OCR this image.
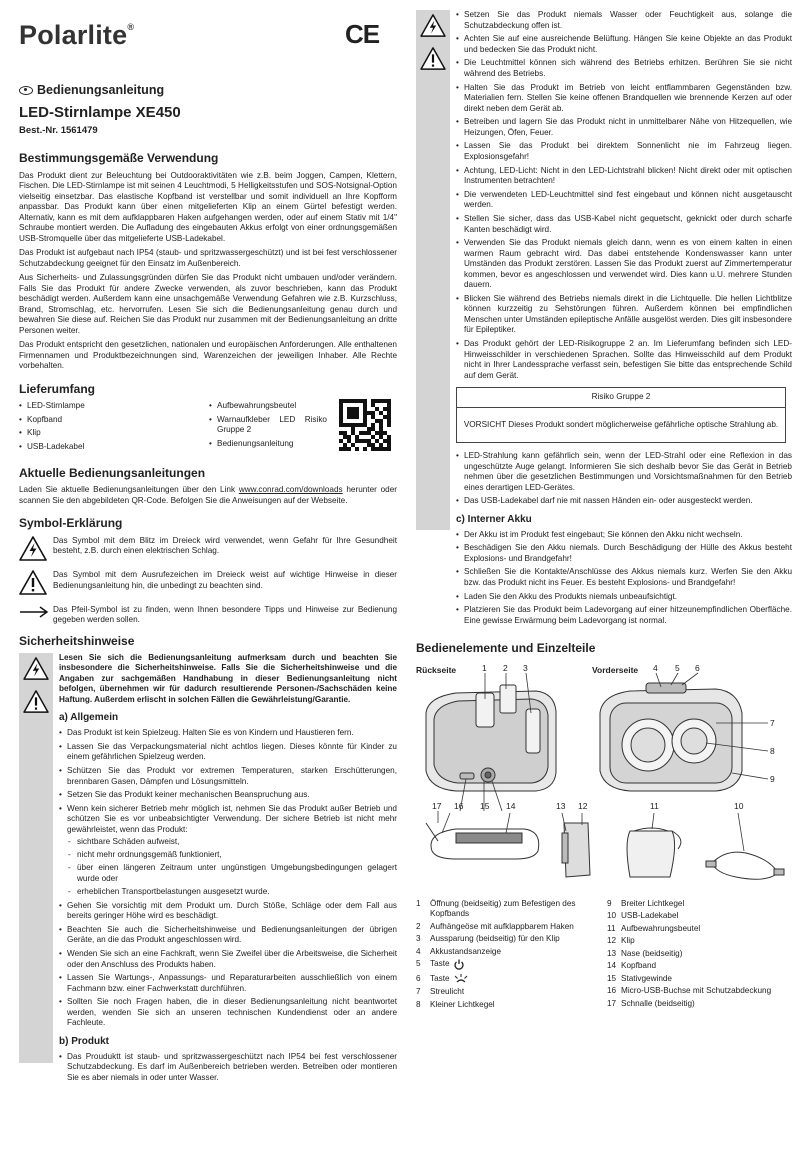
Polarlite®
Bedienungsanleitung
LED-Stirnlampe XE450
Best.-Nr. 1561479
Bestimmungsgemäße Verwendung

Das Produkt dient zur Beleuchtung bei Outdooraktivitäten wie z.B. beim Joggen, Campen, Klettern, Fischen. Die LED-Stirnlampe ist mit seinen 4 Leuchtmodi, 5 Helligkeitsstufen und SOS-Notsignal-Option vielseitig einsetzbar. Das elastische Kopfband ist verstellbar und somit individuell an Ihre Kopfform anpassbar. Das Produkt kann über einen mitgelieferten Klip an einem Gürtel befestigt werden. Alternativ, kann es mit dem aufklappbaren Haken aufgehangen werden, oder auf einem Stativ mit 1/4" Schraube montiert werden. Die Aufladung des eingebauten Akkus erfolgt von einer ordnungsgemäßen USB-Stromquelle über das mitgelieferte USB-Ladekabel.

Das Produkt ist aufgebaut nach IP54 (staub- und spritzwassergeschützt) und ist bei fest verschlossener Schutzabdeckung geeignet für den Einsatz im Außenbereich.

Aus Sicherheits- und Zulassungsgründen dürfen Sie das Produkt nicht umbauen und/oder verändern. Falls Sie das Produkt für andere Zwecke verwenden, als zuvor beschrieben, kann das Produkt beschädigt werden. Außerdem kann eine unsachgemäße Verwendung Gefahren wie z.B. Kurzschluss, Brand, Stromschlag, etc. hervorrufen. Lesen Sie sich die Bedienungsanleitung genau durch und bewahren Sie diese auf. Reichen Sie das Produkt nur zusammen mit der Bedienungsanleitung an dritte Personen weiter.

Das Produkt entspricht den gesetzlichen, nationalen und europäischen Anforderungen. Alle enthaltenen Firmennamen und Produktbezeichnungen sind, Warenzeichen der jeweiligen Inhaber. Alle Rechte vorbehalten.

Lieferumfang
• LED-Stirnlampe
• Kopfband
• Klip
• USB-Ladekabel
• Aufbewahrungsbeutel
• Warnaufkleber LED Risiko Gruppe 2
• Bedienungsanleitung
Aktuelle Bedienungsanleitungen

Laden Sie aktuelle Bedienungsanleitungen über den Link www.conrad.com/downloads herunter oder scannen Sie den abgebildeten QR-Code. Befolgen Sie die Anweisungen auf der Webseite.

Symbol-Erklärung
Das Symbol mit dem Blitz im Dreieck wird verwendet, wenn Gefahr für Ihre Gesundheit besteht, z.B. durch einen elektrischen Schlag.
Das Symbol mit dem Ausrufezeichen im Dreieck weist auf wichtige Hinweise in dieser Bedienungsanleitung hin, die unbedingt zu beachten sind.
Das Pfeil-Symbol ist zu finden, wenn Ihnen besondere Tipps und Hinweise zur Bedienung gegeben werden sollen.
Sicherheitshinweise

Lesen Sie sich die Bedienungsanleitung aufmerksam durch und beachten Sie insbesondere die Sicherheitshinweise. Falls Sie die Sicherheitshinweise und die Angaben zur sachgemäßen Handhabung in dieser Bedienungsanleitung nicht befolgen, übernehmen wir für dadurch resultierende Personen-/Sachschäden keine Haftung. Außerdem erlischt in solchen Fällen die Gewährleistung/Garantie.

a) Allgemein
• Das Produkt ist kein Spielzeug. Halten Sie es von Kindern und Haustieren fern.
• Lassen Sie das Verpackungsmaterial nicht achtlos liegen. Dieses könnte für Kinder zu einem gefährlichen Spielzeug werden.
• Schützen Sie das Produkt vor extremen Temperaturen, starken Erschütterungen, brennbaren Gasen, Dämpfen und Lösungsmitteln.
• Setzen Sie das Produkt keiner mechanischen Beanspruchung aus.
• Wenn kein sicherer Betrieb mehr möglich ist, nehmen Sie das Produkt außer Betrieb und schützen Sie es vor unbeabsichtigter Verwendung. Der sichere Betrieb ist nicht mehr gewährleistet, wenn das Produkt:
- sichtbare Schäden aufweist,
- nicht mehr ordnungsgemäß funktioniert,
- über einen längeren Zeitraum unter ungünstigen Umgebungsbedingungen gelagert wurde oder
- erheblichen Transportbelastungen ausgesetzt wurde.
• Gehen Sie vorsichtig mit dem Produkt um. Durch Stöße, Schläge oder dem Fall aus bereits geringer Höhe wird es beschädigt.
• Beachten Sie auch die Sicherheitshinweise und Bedienungsanleitungen der übrigen Geräte, an die das Produkt angeschlossen wird.
• Wenden Sie sich an eine Fachkraft, wenn Sie Zweifel über die Arbeitsweise, die Sicherheit oder den Anschluss des Produkts haben.
• Lassen Sie Wartungs-, Anpassungs- und Reparaturarbeiten ausschließlich von einem Fachmann bzw. einer Fachwerkstatt durchführen.
• Sollten Sie noch Fragen haben, die in dieser Bedienungsanleitung nicht beantwortet werden, wenden Sie sich an unseren technischen Kundendienst oder an andere Fachleute.
b) Produkt
• Das Prouduktt ist staub- und spritzwassergeschützt nach IP54 bei fest verschlossener Schutzabdeckung. Es darf im Außenbereich betrieben werden. Betreiben oder montieren Sie es aber niemals in oder unter Wasser.
CE
• Setzen Sie das Produkt niemals Wasser oder Feuchtigkeit aus, solange die Schutzabdeckung offen ist.
• Achten Sie auf eine ausreichende Belüftung. Hängen Sie keine Objekte an das Produkt und bedecken Sie das Produkt nicht.
• Die Leuchtmittel können sich während des Betriebs erhitzen. Berühren Sie sie nicht während des Betriebs.
• Halten Sie das Produkt im Betrieb von leicht entflammbaren Gegenständen bzw. Materialien fern. Stellen Sie keine offenen Brandquellen wie brennende Kerzen auf oder direkt neben dem Gerät ab.
• Betreiben und lagern Sie das Produkt nicht in unmittelbarer Nähe von Hitzequellen, wie Heizungen, Öfen, Feuer.
• Lassen Sie das Produkt bei direktem Sonnenlicht nie im Fahrzeug liegen. Explosionsgefahr!
• Achtung, LED-Licht: Nicht in den LED-Lichtstrahl blicken! Nicht direkt oder mit optischen Instrumenten betrachten!
• Die verwendeten LED-Leuchtmittel sind fest eingebaut und können nicht ausgetauscht werden.
• Stellen Sie sicher, dass das USB-Kabel nicht gequetscht, geknickt oder durch scharfe Kanten beschädigt wird.
• Verwenden Sie das Produkt niemals gleich dann, wenn es von einem kalten in einen warmen Raum gebracht wird. Das dabei entstehende Kondenswasser kann unter Umständen das Produkt zerstören. Lassen Sie das Produkt zuerst auf Zimmertemperatur kommen, bevor es angeschlossen und verwendet wird. Dies kann u.U. mehrere Stunden dauern.
• Blicken Sie während des Betriebs niemals direkt in die Lichtquelle. Die hellen Lichtblitze können kurzzeitig zu Sehstörungen führen. Außerdem können bei empfindlichen Menschen unter Umständen epileptische Anfälle ausgelöst werden. Dies gilt insbesondere für Epileptiker.
• Das Produkt gehört der LED-Risikogruppe 2 an. Im Lieferumfang befinden sich LED-Hinweisschilder in verschiedenen Sprachen. Sollte das Hinweisschild auf dem Produkt nicht in Ihrer Landessprache verfasst sein, befestigen Sie bitte das entsprechende Schild auf dem Gerät.
Risiko Gruppe 2
VORSICHT Dieses Produkt sondert möglicherweise gefährliche optische Strahlung ab.
• LED-Strahlung kann gefährlich sein, wenn der LED-Strahl oder eine Reflexion in das ungeschützte Auge gelangt. Informieren Sie sich deshalb bevor Sie das Gerät in Betrieb nehmen über die gesetzlichen Bestimmungen und Vorsichtsmaßnahmen für den Betrieb eines derartigen LED-Gerätes.
• Das USB-Ladekabel darf nie mit nassen Händen ein- oder ausgesteckt werden.
c) Interner Akku
• Der Akku ist im Produkt fest eingebaut; Sie können den Akku nicht wechseln.
• Beschädigen Sie den Akku niemals. Durch Beschädigung der Hülle des Akkus besteht Explosions- und Brandgefahr!
• Schließen Sie die Kontakte/Anschlüsse des Akkus niemals kurz. Werfen Sie den Akku bzw. das Produkt nicht ins Feuer. Es besteht Explosions- und Brandgefahr!
• Laden Sie den Akku des Produkts niemals unbeaufsichtigt.
• Platzieren Sie das Produkt beim Ladevorgang auf einer hitzeunempfindlichen Oberfläche. Eine gewisse Erwärmung beim Ladevorgang ist normal.
Bedienelemente und Einzelteile
Rückseite	Vorderseite
1 2 3	4 5 6
7
8
9
10
11
12
13
14
15
16
17
1	Öffnung (beidseitig) zum Befestigen des Kopfbands
2	Aufhängeöse mit aufklappbarem Haken
3	Aussparung (beidseitig) für den Klip
4	Akkustandsanzeige
5	Taste
6	Taste
7	Streulicht
8	Kleiner Lichtkegel
9	Breiter Lichtkegel
10 USB-Ladekabel
11 Aufbewahrungsbeutel
12 Klip
13 Nase (beidseitig)
14 Kopfband
15 Stativgewinde
16 Micro-USB-Buchse mit Schutzabdeckung
17 Schnalle (beidseitig)
